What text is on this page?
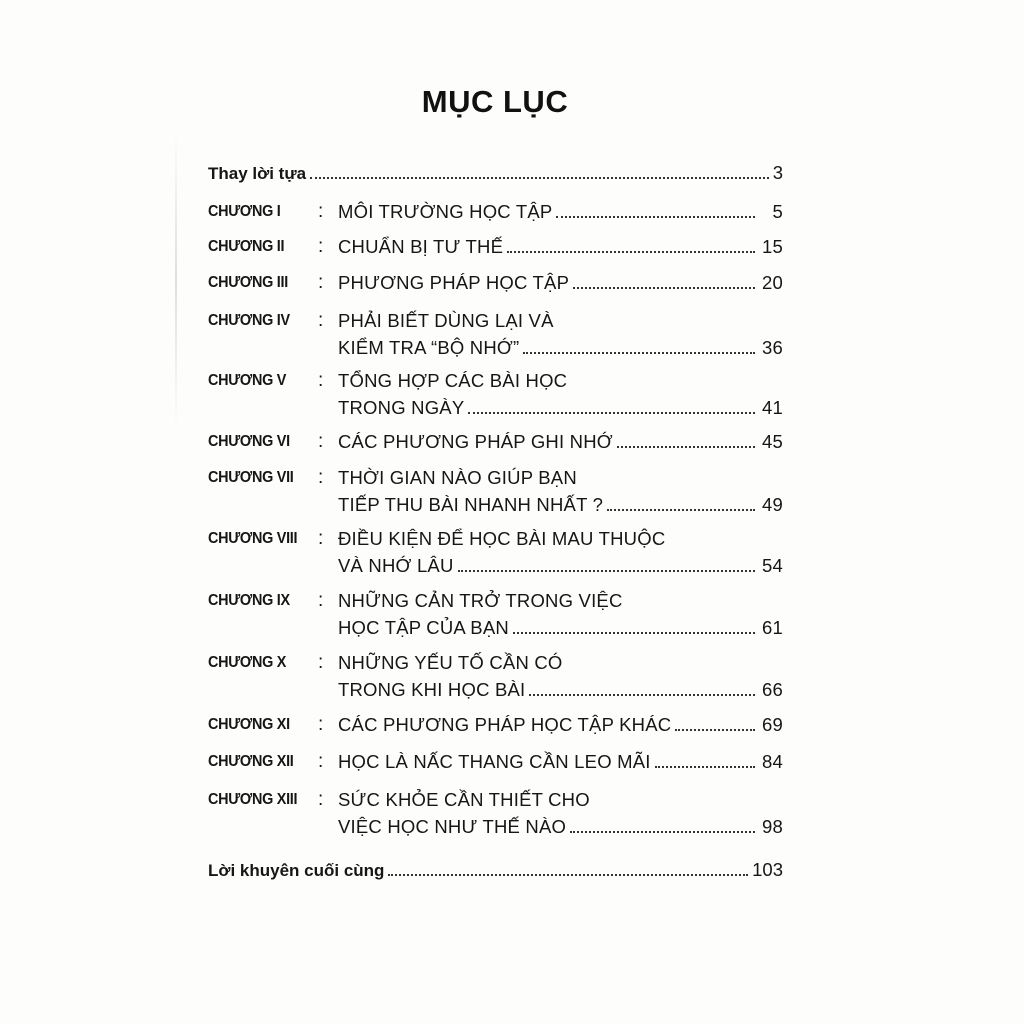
MỤC LỤC
Thay lời tựa	3
CHƯƠNG I : MÔI TRƯỜNG HỌC TẬP	5
CHƯƠNG II : CHUẨN BỊ TƯ THẾ	15
CHƯƠNG III : PHƯƠNG PHÁP HỌC TẬP	20
CHƯƠNG IV : PHẢI BIẾT DÙNG LẠI VÀ
KIỂM TRA “BỘ NHỚ”	36
CHƯƠNG V : TỔNG HỢP CÁC BÀI HỌC
TRONG NGÀY	41
CHƯƠNG VI : CÁC PHƯƠNG PHÁP GHI NHỚ	45
CHƯƠNG VII : THỜI GIAN NÀO GIÚP BẠN
TIẾP THU BÀI NHANH NHẤT ?	49
CHƯƠNG VIII : ĐIỀU KIỆN ĐỂ HỌC BÀI MAU THUỘC
VÀ NHỚ LÂU	54
CHƯƠNG IX : NHỮNG CẢN TRỞ TRONG VIỆC
HỌC TẬP CỦA BẠN	61
CHƯƠNG X : NHỮNG YẾU TỐ CẦN CÓ
TRONG KHI HỌC BÀI	66
CHƯƠNG XI : CÁC PHƯƠNG PHÁP HỌC TẬP KHÁC	69
CHƯƠNG XII : HỌC LÀ NẤC THANG CẦN LEO MÃI	84
CHƯƠNG XIII : SỨC KHỎE CẦN THIẾT CHO
VIỆC HỌC NHƯ THẾ NÀO	98
Lời khuyên cuối cùng	103
